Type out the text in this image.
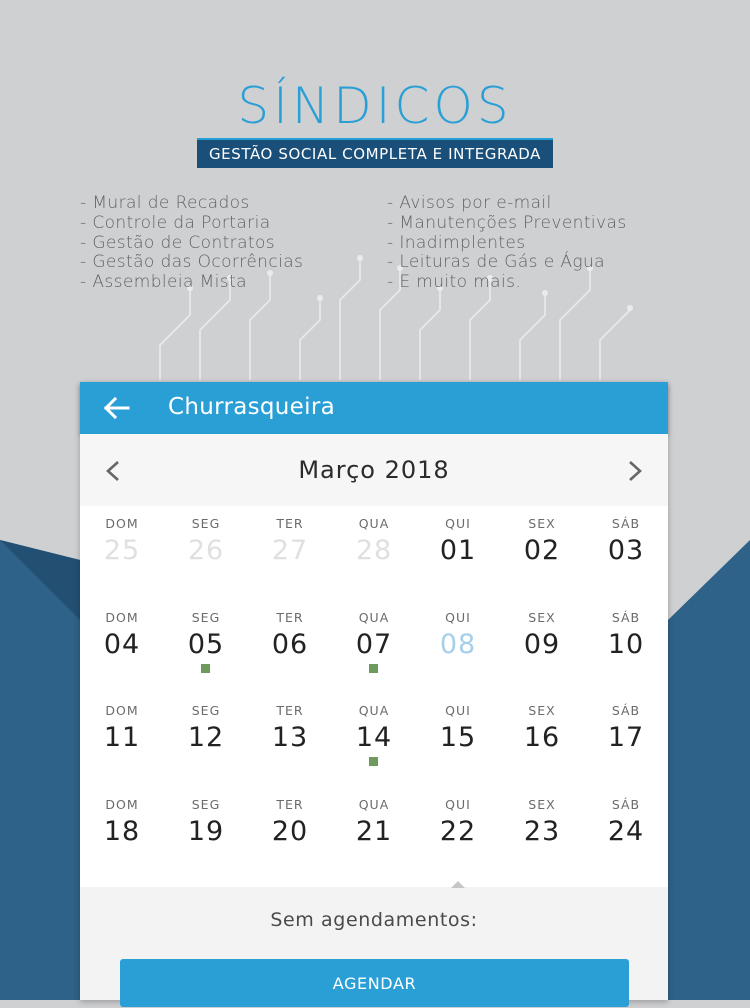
SÍNDICOS
GESTÃO SOCIAL COMPLETA E INTEGRADA
- Mural de Recados
- Controle da Portaria
- Gestão de Contratos
- Gestão das Ocorrências
- Assembleia Mista
- Avisos por e-mail
- Manutenções Preventivas
- Inadimplentes
- Leituras de Gás e Água
- E muito mais.
Churrasqueira
Março 2018
DOM
25
SEG
26
TER
27
QUA
28
QUI
01
SEX
02
SÁB
03
DOM
04
SEG
05
TER
06
QUA
07
QUI
08
SEX
09
SÁB
10
DOM
11
SEG
12
TER
13
QUA
14
QUI
15
SEX
16
SÁB
17
DOM
18
SEG
19
TER
20
QUA
21
QUI
22
SEX
23
SÁB
24
Sem agendamentos:
AGENDAR
